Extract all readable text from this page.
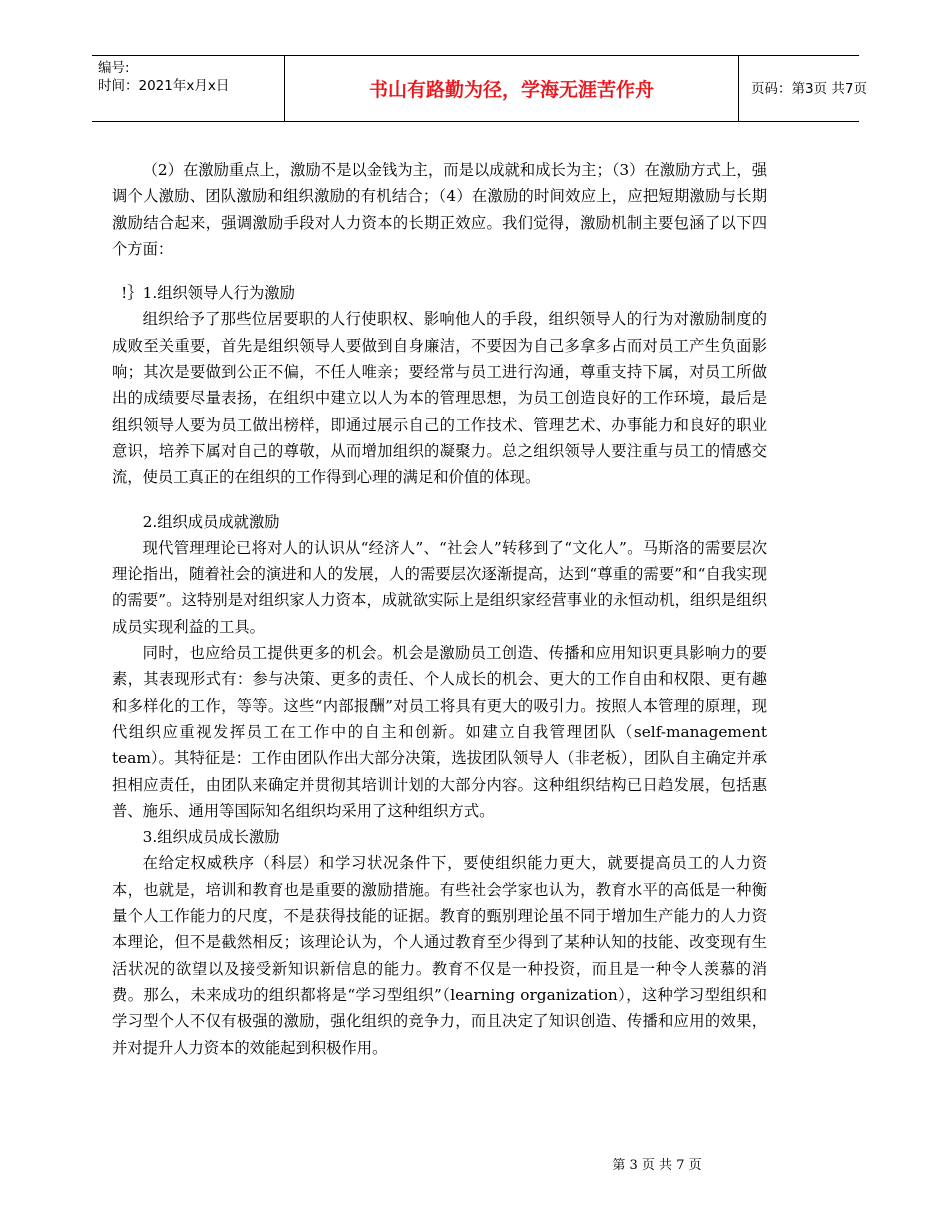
编号:
时间：2021年x月x日	书山有路勤为径，学海无涯苦作舟	页码：第3页 共7页

（2）在激励重点上，激励不是以金钱为主，而是以成就和成长为主；（3）在激励方式上，强调个人激励、团队激励和组织激励的有机结合；（4）在激励的时间效应上，应把短期激励与长期激励结合起来，强调激励手段对人力资本的长期正效应。我们觉得，激励机制主要包涵了以下四个方面：

!｝1.组织领导人行为激励

组织给予了那些位居要职的人行使职权、影响他人的手段，组织领导人的行为对激励制度的成败至关重要，首先是组织领导人要做到自身廉洁，不要因为自己多拿多占而对员工产生负面影响；其次是要做到公正不偏，不任人唯亲；要经常与员工进行沟通，尊重支持下属，对员工所做出的成绩要尽量表扬，在组织中建立以人为本的管理思想，为员工创造良好的工作环境，最后是组织领导人要为员工做出榜样，即通过展示自己的工作技术、管理艺术、办事能力和良好的职业意识，培养下属对自己的尊敬，从而增加组织的凝聚力。总之组织领导人要注重与员工的情感交流，使员工真正的在组织的工作得到心理的满足和价值的体现。

2.组织成员成就激励

现代管理理论已将对人的认识从“经济人”、“社会人”转移到了“文化人”。马斯洛的需要层次理论指出，随着社会的演进和人的发展，人的需要层次逐渐提高，达到“尊重的需要”和“自我实现的需要”。这特别是对组织家人力资本，成就欲实际上是组织家经营事业的永恒动机，组织是组织成员实现利益的工具。

同时，也应给员工提供更多的机会。机会是激励员工创造、传播和应用知识更具影响力的要素，其表现形式有：参与决策、更多的责任、个人成长的机会、更大的工作自由和权限、更有趣和多样化的工作，等等。这些“内部报酬”对员工将具有更大的吸引力。按照人本管理的原理，现代组织应重视发挥员工在工作中的自主和创新。如建立自我管理团队（self-management team）。其特征是：工作由团队作出大部分决策，选拔团队领导人（非老板），团队自主确定并承担相应责任，由团队来确定并贯彻其培训计划的大部分内容。这种组织结构已日趋发展，包括惠普、施乐、通用等国际知名组织均采用了这种组织方式。

3.组织成员成长激励

在给定权威秩序（科层）和学习状况条件下，要使组织能力更大，就要提高员工的人力资本，也就是，培训和教育也是重要的激励措施。有些社会学家也认为，教育水平的高低是一种衡量个人工作能力的尺度，不是获得技能的证据。教育的甄别理论虽不同于增加生产能力的人力资本理论，但不是截然相反；该理论认为，个人通过教育至少得到了某种认知的技能、改变现有生活状况的欲望以及接受新知识新信息的能力。教育不仅是一种投资，而且是一种令人羡慕的消费。那么，未来成功的组织都将是“学习型组织”（learning organization），这种学习型组织和学习型个人不仅有极强的激励，强化组织的竞争力，而且决定了知识创造、传播和应用的效果，并对提升人力资本的效能起到积极作用。

第 3 页 共 7 页
